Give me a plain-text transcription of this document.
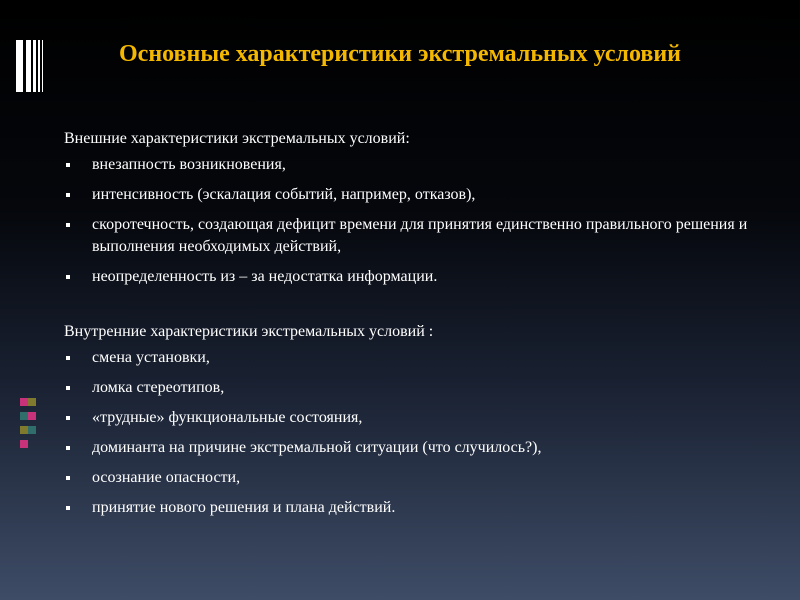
Основные характеристики экстремальных условий

Внешние характеристики экстремальных условий:

внезапность возникновения,
интенсивность (эскалация событий, например, отказов),
скоротечность, создающая дефицит времени для принятия единственно правильного решения и выполнения необходимых действий,
неопределенность из – за недостатка информации.

Внутренние характеристики экстремальных условий :

смена установки,
ломка стереотипов,
«трудные» функциональные состояния,
доминанта на причине экстремальной ситуации (что случилось?),
осознание опасности,
принятие нового решения и плана действий.
